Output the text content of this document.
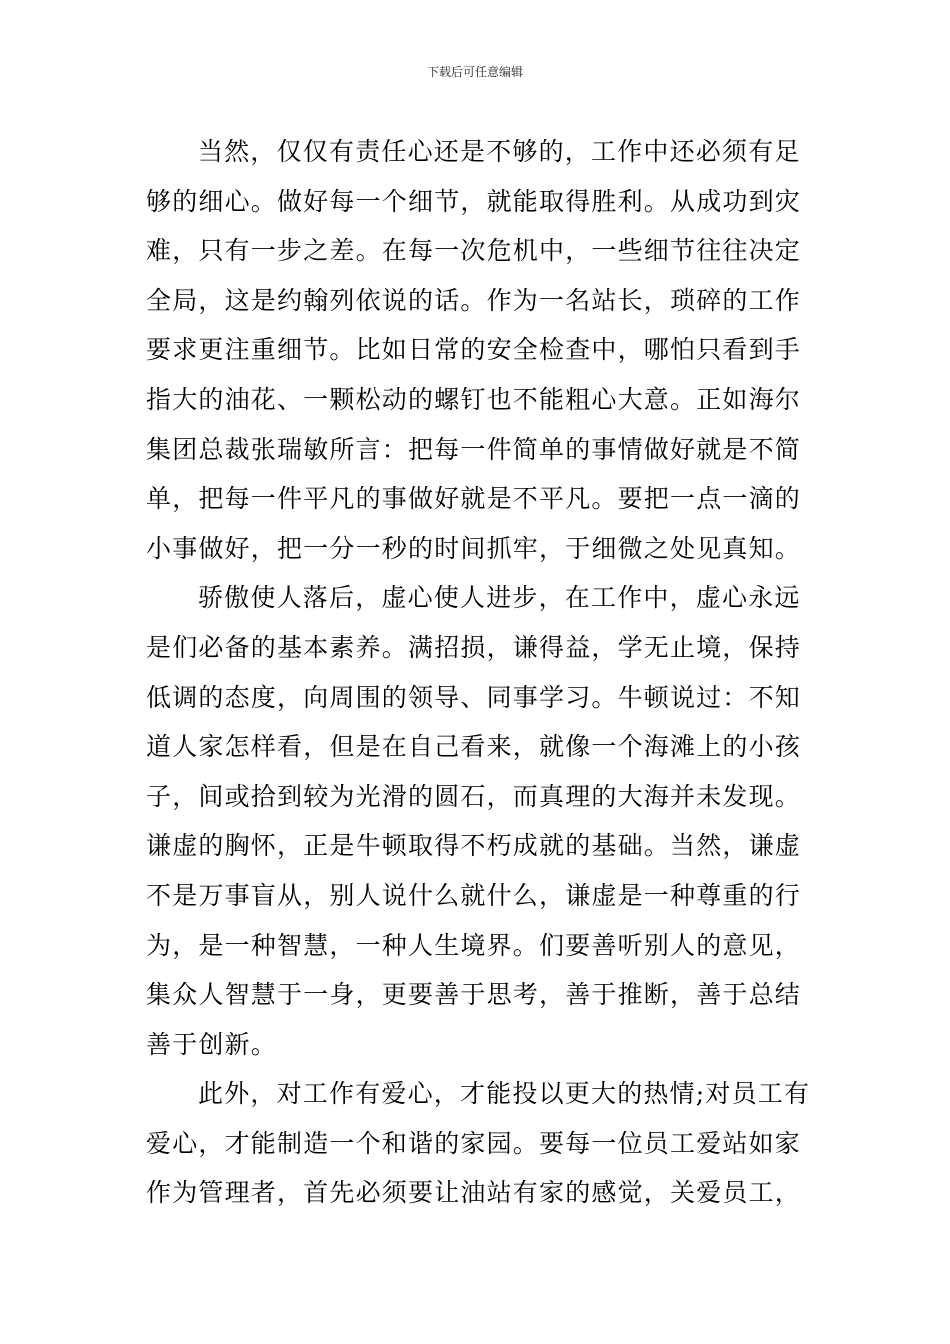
下载后可任意编辑
当然，仅仅有责任心还是不够的，工作中还必须有足
够的细心。做好每一个细节，就能取得胜利。从成功到灾
难，只有一步之差。在每一次危机中，一些细节往往决定
全局，这是约翰列依说的话。作为一名站长，琐碎的工作
要求更注重细节。比如日常的安全检查中，哪怕只看到手
指大的油花、一颗松动的螺钉也不能粗心大意。正如海尔
集团总裁张瑞敏所言：把每一件简单的事情做好就是不简
单，把每一件平凡的事做好就是不平凡。要把一点一滴的
小事做好，把一分一秒的时间抓牢，于细微之处见真知。
骄傲使人落后，虚心使人进步，在工作中，虚心永远
是们必备的基本素养。满招损，谦得益，学无止境，保持
低调的态度，向周围的领导、同事学习。牛顿说过：不知
道人家怎样看，但是在自己看来，就像一个海滩上的小孩
子，间或拾到较为光滑的圆石，而真理的大海并未发现。
谦虚的胸怀，正是牛顿取得不朽成就的基础。当然，谦虚
不是万事盲从，别人说什么就什么，谦虚是一种尊重的行
为，是一种智慧，一种人生境界。们要善听别人的意见，
集众人智慧于一身，更要善于思考，善于推断，善于总结
善于创新。
此外，对工作有爱心，才能投以更大的热情;对员工有
爱心，才能制造一个和谐的家园。要每一位员工爱站如家
作为管理者，首先必须要让油站有家的感觉，关爱员工，
